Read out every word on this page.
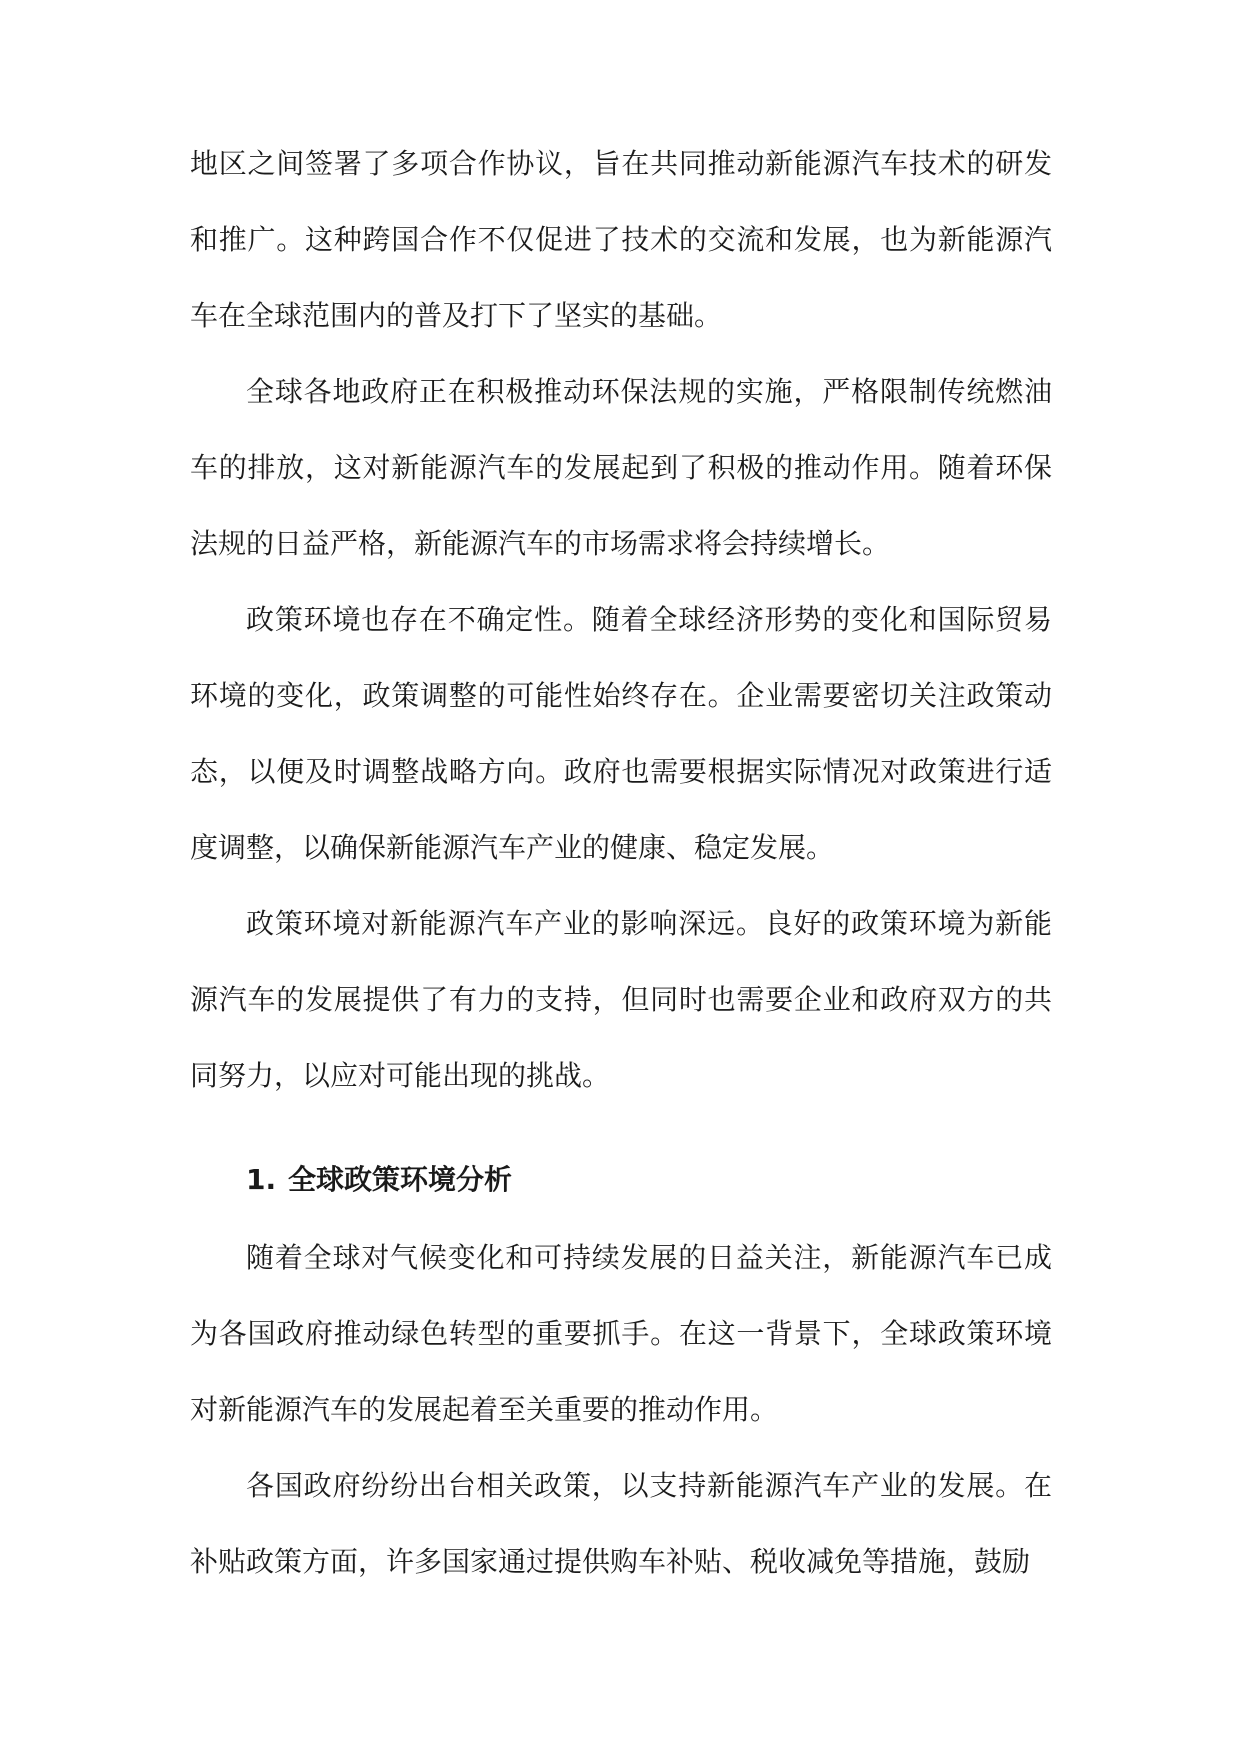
地区之间签署了多项合作协议，旨在共同推动新能源汽车技术的研发和推广。这种跨国合作不仅促进了技术的交流和发展，也为新能源汽车在全球范围内的普及打下了坚实的基础。

全球各地政府正在积极推动环保法规的实施，严格限制传统燃油车的排放，这对新能源汽车的发展起到了积极的推动作用。随着环保法规的日益严格，新能源汽车的市场需求将会持续增长。

政策环境也存在不确定性。随着全球经济形势的变化和国际贸易环境的变化，政策调整的可能性始终存在。企业需要密切关注政策动态，以便及时调整战略方向。政府也需要根据实际情况对政策进行适度调整，以确保新能源汽车产业的健康、稳定发展。

政策环境对新能源汽车产业的影响深远。良好的政策环境为新能源汽车的发展提供了有力的支持，但同时也需要企业和政府双方的共同努力，以应对可能出现的挑战。

1. 全球政策环境分析

随着全球对气候变化和可持续发展的日益关注，新能源汽车已成为各国政府推动绿色转型的重要抓手。在这一背景下，全球政策环境对新能源汽车的发展起着至关重要的推动作用。

各国政府纷纷出台相关政策，以支持新能源汽车产业的发展。在补贴政策方面，许多国家通过提供购车补贴、税收减免等措施，鼓励
